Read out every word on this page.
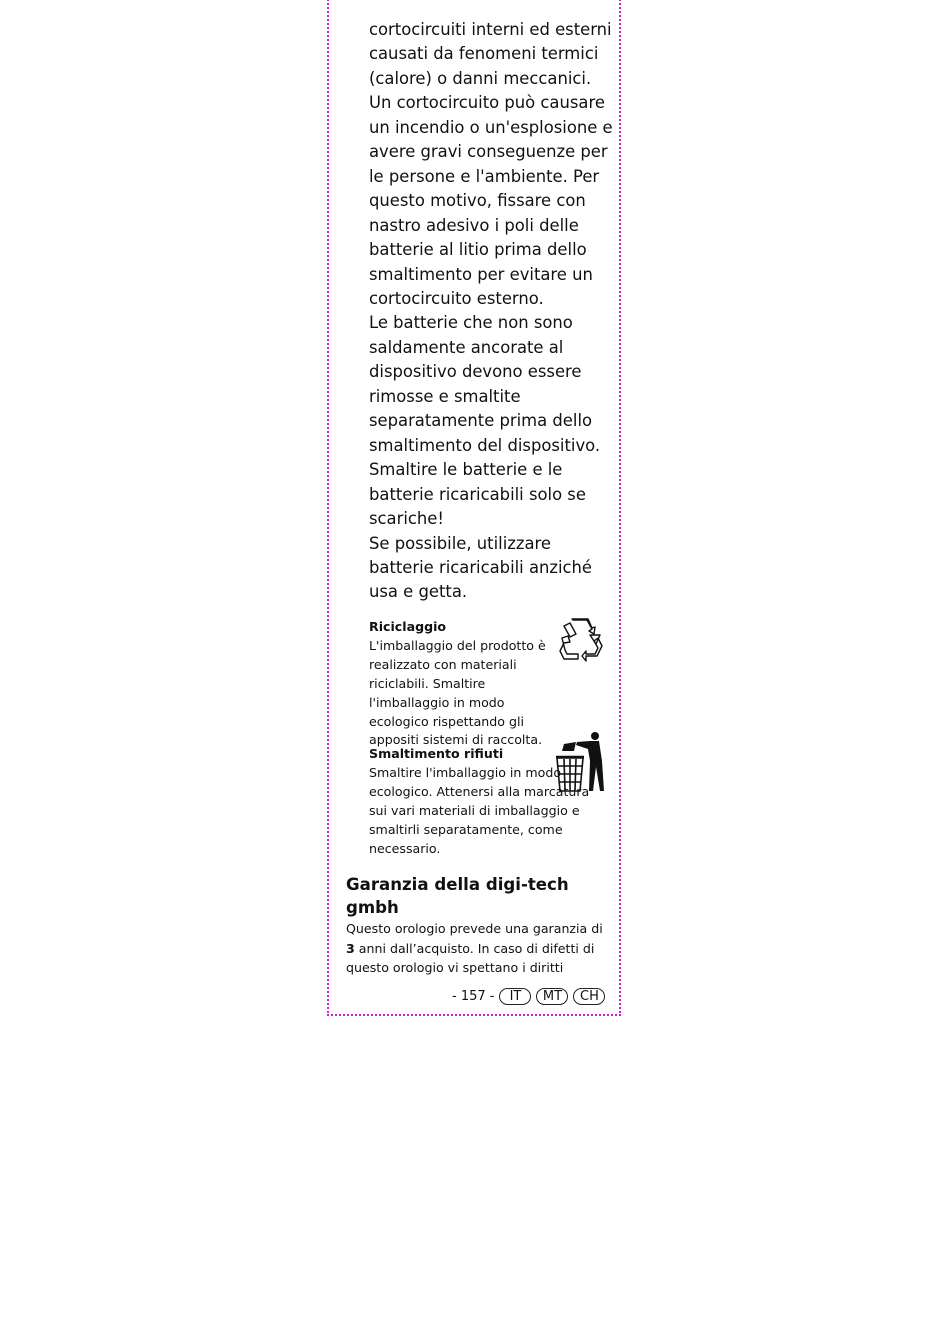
cortocircuiti interni ed esterni causati da fenomeni termici (calore) o danni meccanici. Un cortocircuito può causare un incendio o un'esplosione e avere gravi conseguenze per le persone e l'ambiente. Per questo motivo, fissare con nastro adesivo i poli delle batterie al litio prima dello smaltimento per evitare un cortocircuito esterno.

Le batterie che non sono saldamente ancorate al dispositivo devono essere rimosse e smaltite separatamente prima dello smaltimento del dispositivo.

Smaltire le batterie e le batterie ricaricabili solo se scariche!

Se possibile, utilizzare batterie ricaricabili anziché usa e getta.

Riciclaggio

L'imballaggio del prodotto è realizzato con materiali riciclabili. Smaltire l'imballaggio in modo ecologico rispettando gli appositi sistemi di raccolta.

Smaltimento rifiuti

Smaltire l'imballaggio in modo ecologico. Attenersi alla marcatura sui vari materiali di imballaggio e smaltirli separatamente, come necessario.

Garanzia della digi-tech gmbh

Questo orologio prevede una garanzia di 3 anni dall’acquisto. In caso di difetti di questo orologio vi spettano i diritti

- 157 -	IT	MT	CH
